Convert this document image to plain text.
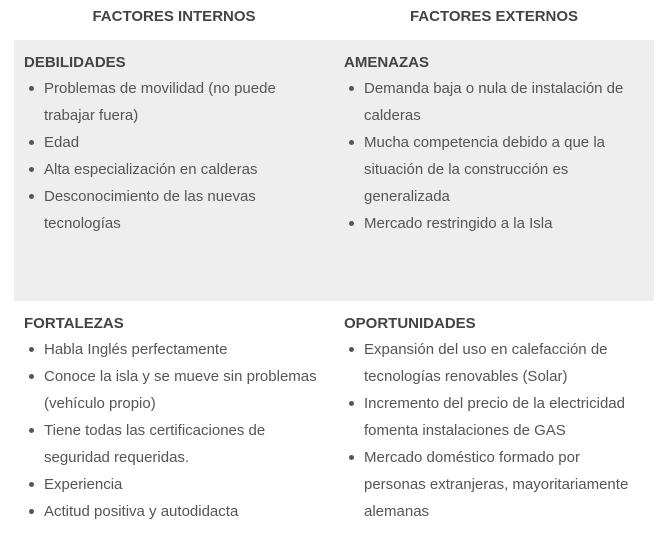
FACTORES INTERNOS	FACTORES EXTERNOS
DEBILIDADES
Problemas de movilidad (no puede trabajar fuera)
Edad
Alta especialización en calderas
Desconocimiento de las nuevas tecnologías
AMENAZAS
Demanda baja o nula de instalación de calderas
Mucha competencia debido a que la situación de la construcción es generalizada
Mercado restringido a la Isla
FORTALEZAS
Habla Inglés perfectamente
Conoce la isla y se mueve sin problemas (vehículo propio)
Tiene todas las certificaciones de seguridad requeridas.
Experiencia
Actitud positiva y autodidacta
OPORTUNIDADES
Expansión del uso en calefacción de tecnologías renovables (Solar)
Incremento del precio de la electricidad fomenta instalaciones de GAS
Mercado doméstico formado por personas extranjeras, mayoritariamente alemanas
